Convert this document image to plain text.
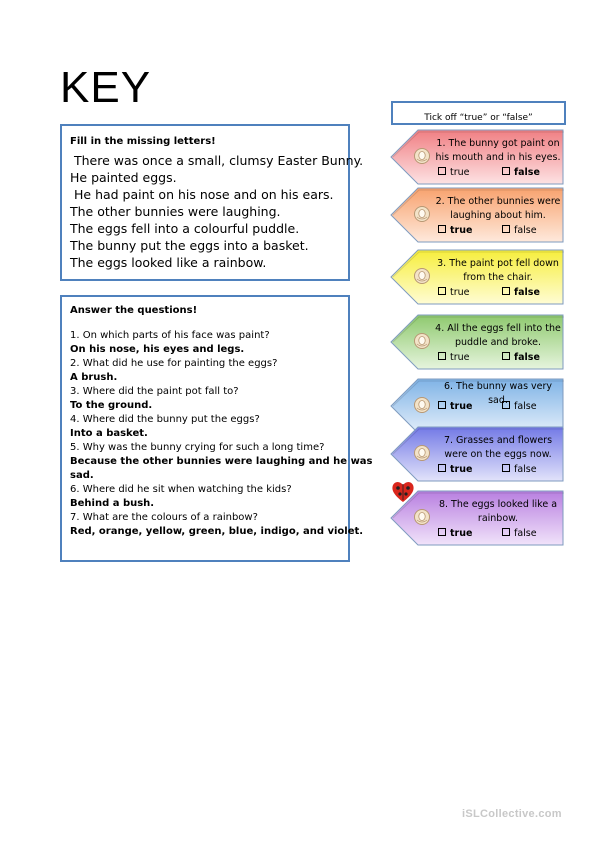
KEY
Fill in the missing letters!
There was once a small, clumsy Easter Bunny.
He painted eggs.
He had paint on his nose and on his ears.
The other bunnies were laughing.
The eggs fell into a colourful puddle.
The bunny put the eggs into a basket.
The eggs looked like a rainbow.
Answer the questions!
1. On which parts of his face was paint?
On his nose, his eyes and legs.
2. What did he use for painting the eggs?
A brush.
3. Where did the paint pot fall to?
To the ground.
4. Where did the bunny put the eggs?
Into a basket.
5. Why was the bunny crying for such a long time?
Because the other bunnies were laughing and he was
sad.
6. Where did he sit when watching the kids?
Behind a bush.
7. What are the colours of a rainbow?
Red, orange, yellow, green, blue, indigo, and violet.
Tick off “true” or “false”
1. The bunny got paint on
his mouth and in his eyes.
true	false
2. The other bunnies were
laughing about him.
true	false
3. The paint pot fell down
from the chair.
true	false
4. All the eggs fell into the
puddle and broke.
true	false
6. The bunny was very sad.
true	false
7. Grasses and flowers
were on the eggs now.
true	false
8. The eggs looked like a
rainbow.
true	false
iSLCollective.com
